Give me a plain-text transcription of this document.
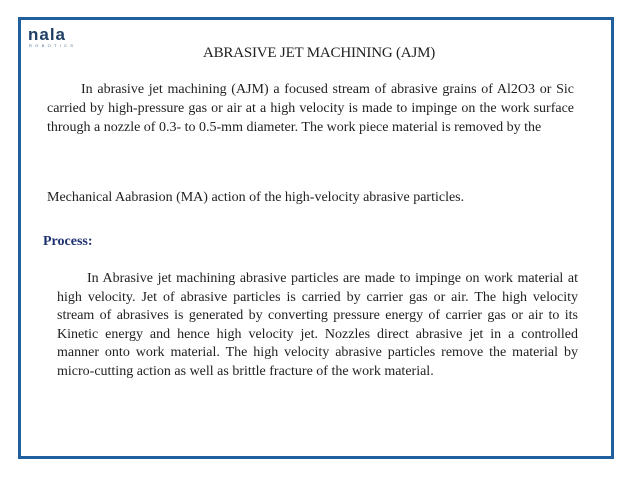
nala
ROBOTICS	ABRASIVE JET MACHINING (AJM)

In abrasive jet machining (AJM) a focused stream of abrasive grains of Al2O3 or Sic carried by high-pressure gas or air at a high velocity is made to impinge on the work surface through a nozzle of 0.3- to 0.5-mm diameter. The work piece material is removed by the

Mechanical Aabrasion (MA) action of the high-velocity abrasive particles.

Process:

In Abrasive jet machining abrasive particles are made to impinge on work material at high velocity. Jet of abrasive particles is carried by carrier gas or air. The high velocity stream of abrasives is generated by converting pressure energy of carrier gas or air to its Kinetic energy and hence high velocity jet. Nozzles direct abrasive jet in a controlled manner onto work material. The high velocity abrasive particles remove the material by micro-cutting action as well as brittle fracture of the work material.
